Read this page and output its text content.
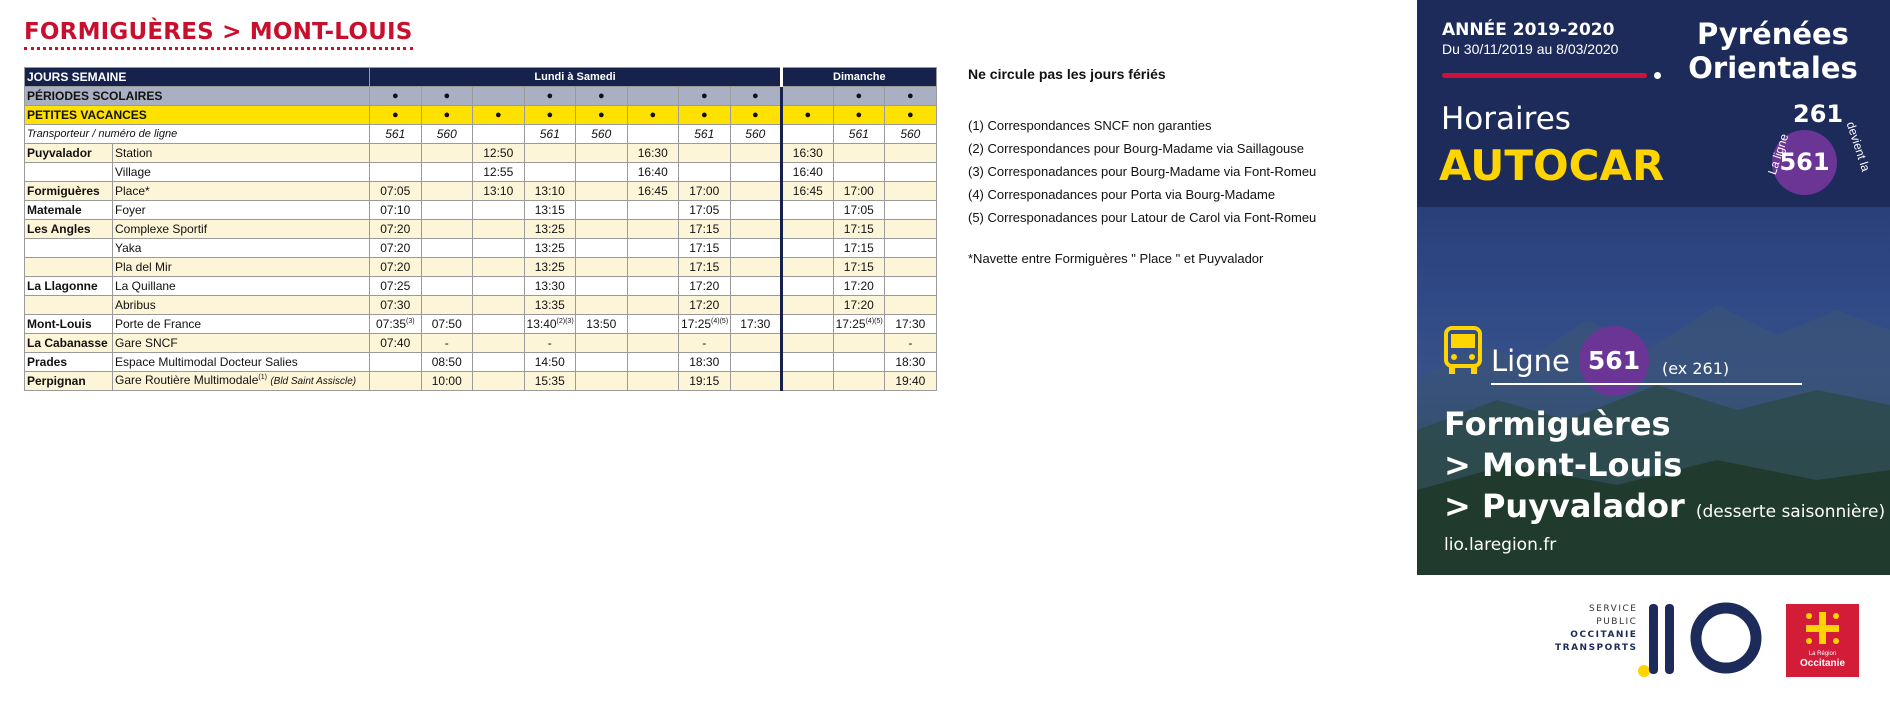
FORMIGUÈRES > MONT-LOUIS
JOURS SEMAINE		Lundi à Samedi								Dimanche		
PÉRIODES SCOLAIRES		●	●		●	●		●	●		●	●
PETITES VACANCES		●	●	●	●	●	●	●	●	●	●	●
Transporteur / numéro de ligne		561	560		561	560		561	560		561	560
Puyvalador	Station			12:50			16:30			16:30		
	Village			12:55			16:40			16:40		
Formiguères	Place*	07:05		13:10	13:10		16:45	17:00		16:45	17:00	
Matemale	Foyer	07:10			13:15			17:05			17:05	
Les Angles	Complexe Sportif	07:20			13:25			17:15			17:15	
	Yaka	07:20			13:25			17:15			17:15	
	Pla del Mir	07:20			13:25			17:15			17:15	
La Llagonne	La Quillane	07:25			13:30			17:20			17:20	
	Abribus	07:30			13:35			17:20			17:20	
Mont-Louis	Porte de France	07:35$^{(3)}$	07:50		$13:40^{(2)(3)}$	13:50		$17:25^{(4)(5)}$	17:30		$17:25^{(4)(5)}$	17:30
La Cabanasse	Gare SNCF	07:40	-		-			-				-
Prades	Espace Multimodal Docteur Salies		08:50		14:50			18:30				18:30
Perpignan	Gare Routière Multimodale$^{(1)}$ (Bld Saint Assiscle)		10:00		15:35			19:15				19:40
Ne circule pas les jours fériés
(1) Correspondances SNCF non garanties
(2) Correspondances pour Bourg-Madame via Saillagouse
(3) Corresponadances pour Bourg-Madame via Font-Romeu
(4) Corresponadances pour Porta via Bourg-Madame
(5) Corresponadances pour Latour de Carol via Font-Romeu
*Navette entre Formiguères " Place " et Puyvalador
ANNÉE 2019-2020
Du 30/11/2019 au 8/03/2020	Pyrénées
Orientales
Horaires
AUTOCAR
261
561
La ligne	devient la
Ligne 561	(ex 261)
Formiguères
> Mont-Louis
> Puyvalador (desserte saisonnière)
lio.laregion.fr
SERVICE
PUBLIC
OCCITANIE
TRANSPORTS
La Région
Occitanie
